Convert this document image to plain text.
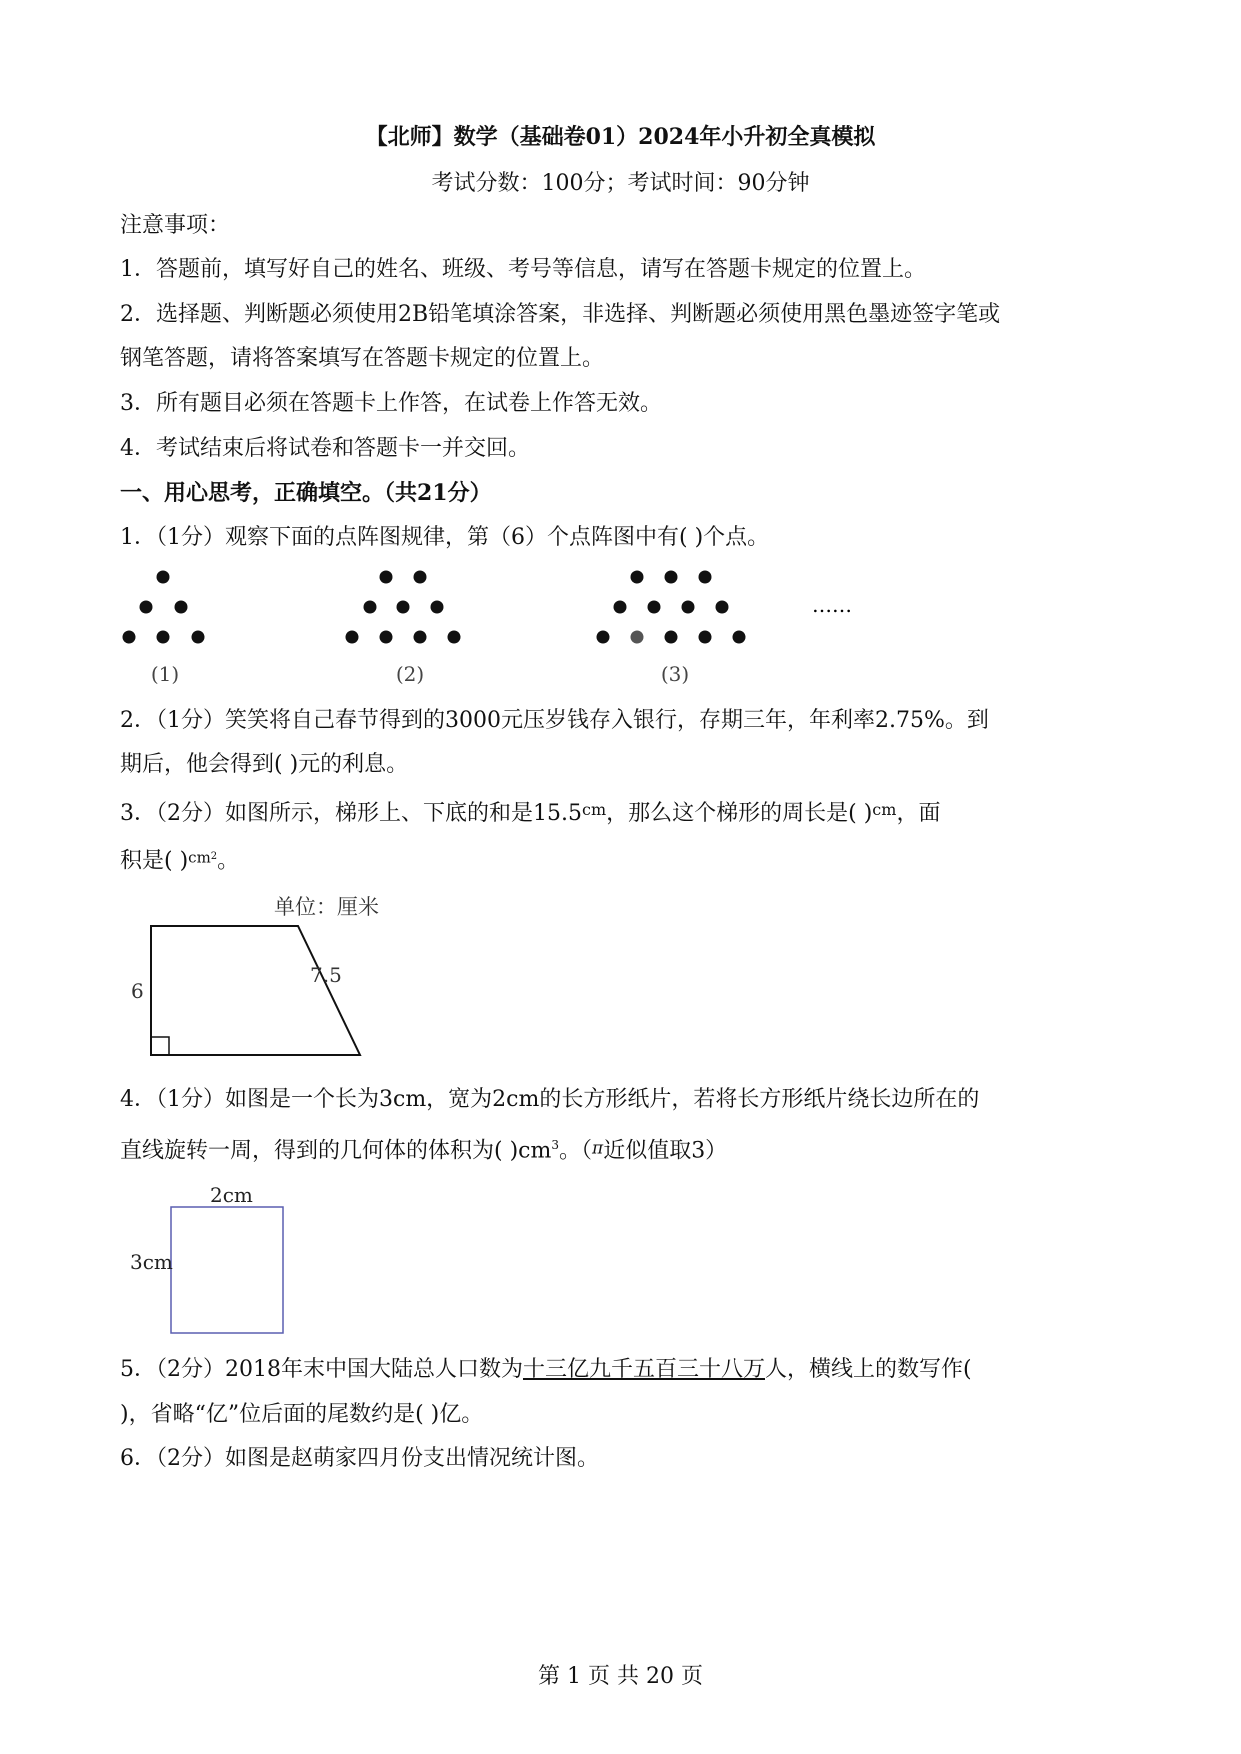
【北师】数学（基础卷01）2024年小升初全真模拟
考试分数：100分；考试时间：90分钟
注意事项：
1．答题前，填写好自己的姓名、班级、考号等信息，请写在答题卡规定的位置上。
2．选择题、判断题必须使用2B铅笔填涂答案，非选择、判断题必须使用黑色墨迹签字笔或
钢笔答题，请将答案填写在答题卡规定的位置上。
3．所有题目必须在答题卡上作答，在试卷上作答无效。
4．考试结束后将试卷和答题卡一并交回。
一、用心思考，正确填空。（共21分）
1．（1分）观察下面的点阵图规律，第（6）个点阵图中有( )个点。
……
(1)	(2)	(3)
2．（1分）笑笑将自己春节得到的3000元压岁钱存入银行，存期三年，年利率2.75%。到
期后，他会得到( )元的利息。
3．（2分）如图所示，梯形上、下底的和是$15.5^{cm}$，那么这个梯形的周长是( )$^{cm}$，面
积是( )$^{cm2}$。
单位：厘米
6
7.5
4．（1分）如图是一个长为3cm，宽为2cm的长方形纸片，若将长方形纸片绕长边所在的
直线旋转一周，得到的几何体的体积为( )$cm^3$。（π近似值取3）
2cm
3cm
5．（2分）2018年末中国大陆总人口数为十三亿九千五百三十八万人，横线上的数写作(
)，省略“亿”位后面的尾数约是( )亿。
6．（2分）如图是赵萌家四月份支出情况统计图。
第 1 页 共 20 页
